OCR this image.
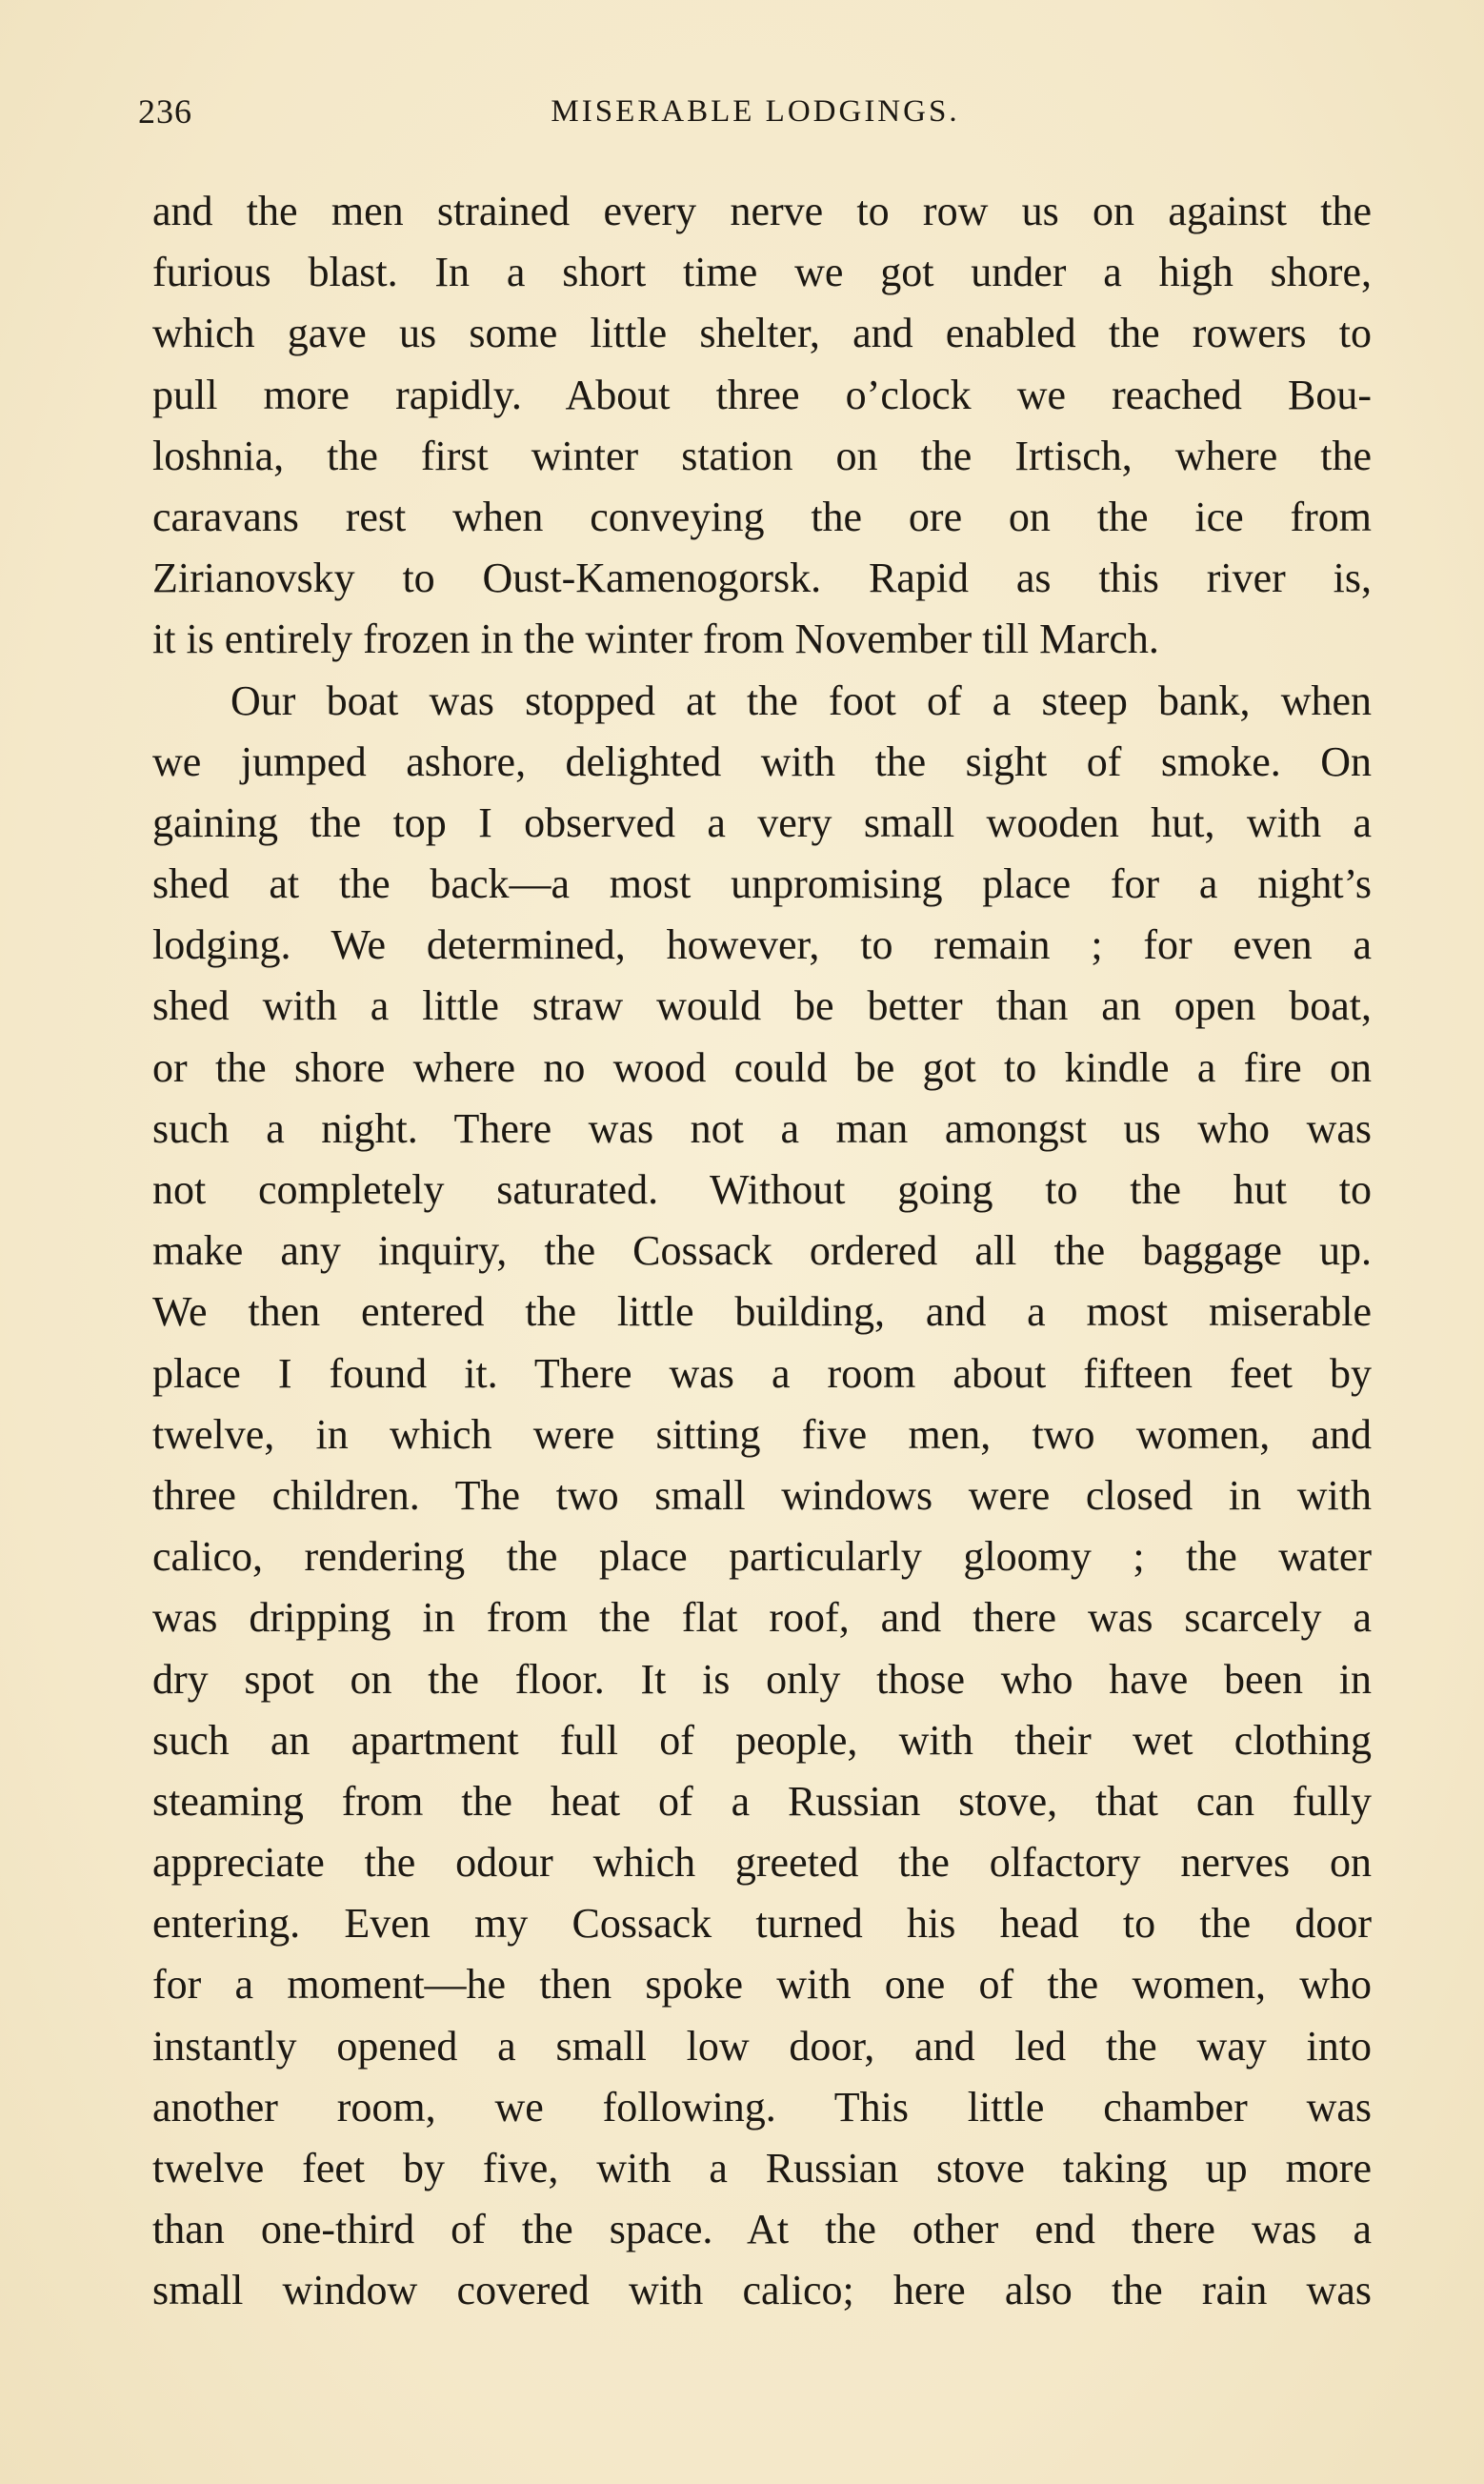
236	MISERABLE LODGINGS.
and the men strained every nerve to row us on against the
furious blast. In a short time we got under a high shore,
which gave us some little shelter, and enabled the rowers to
pull more rapidly. About three o’clock we reached Bou-
loshnia, the first winter station on the Irtisch, where the
caravans rest when conveying the ore on the ice from
Zirianovsky to Oust-Kamenogorsk. Rapid as this river is,
it is entirely frozen in the winter from November till March.
Our boat was stopped at the foot of a steep bank, when
we jumped ashore, delighted with the sight of smoke. On
gaining the top I observed a very small wooden hut, with a
shed at the back—a most unpromising place for a night’s
lodging. We determined, however, to remain ; for even a
shed with a little straw would be better than an open boat,
or the shore where no wood could be got to kindle a fire on
such a night. There was not a man amongst us who was
not completely saturated. Without going to the hut to
make any inquiry, the Cossack ordered all the baggage up.
We then entered the little building, and a most miserable
place I found it. There was a room about fifteen feet by
twelve, in which were sitting five men, two women, and
three children. The two small windows were closed in with
calico, rendering the place particularly gloomy ; the water
was dripping in from the flat roof, and there was scarcely a
dry spot on the floor. It is only those who have been in
such an apartment full of people, with their wet clothing
steaming from the heat of a Russian stove, that can fully
appreciate the odour which greeted the olfactory nerves on
entering. Even my Cossack turned his head to the door
for a moment—he then spoke with one of the women, who
instantly opened a small low door, and led the way into
another room, we following. This little chamber was
twelve feet by five, with a Russian stove taking up more
than one-third of the space. At the other end there was a
small window covered with calico; here also the rain was
